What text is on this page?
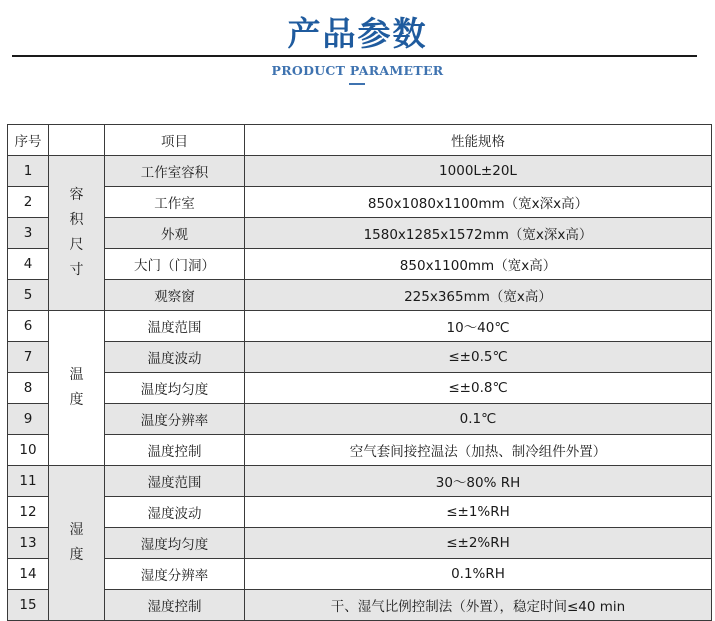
产品参数
PRODUCT PARAMETER
序号		项目	性能规格
1	容积尺寸	工作室容积	1000L±20L
2		工作室	850x1080x1100mm（宽x深x高）
3		外观	1580x1285x1572mm（宽x深x高）
4		大门（门洞）	850x1100mm（宽x高）
5		观察窗	225x365mm（宽x高）
6	温度	温度范围	10～40℃
7		温度波动	≤±0.5℃
8		温度均匀度	≤±0.8℃
9		温度分辨率	0.1℃
10		温度控制	空气套间接控温法（加热、制冷组件外置）
11	湿度	湿度范围	30～80% RH
12		湿度波动	≤±1%RH
13		湿度均匀度	≤±2%RH
14		湿度分辨率	0.1%RH
15		湿度控制	干、湿气比例控制法（外置），稳定时间≤40 min
